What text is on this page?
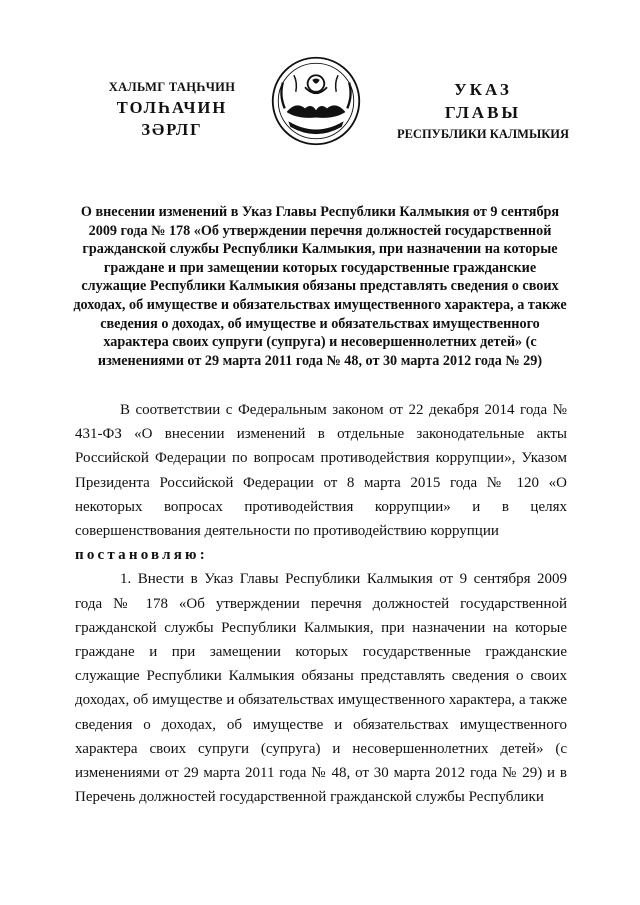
ХАЛЬМГ ТАҢҺЧИН
ТОЛҺАЧИН
ЗӘРЛГ
УКАЗ
ГЛАВЫ
РЕСПУБЛИКИ КАЛМЫКИЯ
О внесении изменений в Указ Главы Республики Калмыкия от 9 сентября 2009 года № 178 «Об утверждении перечня должностей государственной гражданской службы Республики Калмыкия, при назначении на которые граждане и при замещении которых государственные гражданские служащие Республики Калмыкия обязаны представлять сведения о своих доходах, об имуществе и обязательствах имущественного характера, а также сведения о доходах, об имуществе и обязательствах имущественного характера своих супруги (супруга) и несовершеннолетних детей» (с изменениями от 29 марта 2011 года № 48, от 30 марта 2012 года № 29)

В соответствии с Федеральным законом от 22 декабря 2014 года № 431-ФЗ «О внесении изменений в отдельные законодательные акты Российской Федерации по вопросам противодействия коррупции», Указом Президента Российской Федерации от 8 марта 2015 года № 120 «О некоторых вопросах противодействия коррупции» и в целях совершенствования деятельности по противодействию коррупции
постановляю:

1. Внести в Указ Главы Республики Калмыкия от 9 сентября 2009 года № 178 «Об утверждении перечня должностей государственной гражданской службы Республики Калмыкия, при назначении на которые граждане и при замещении которых государственные гражданские служащие Республики Калмыкия обязаны представлять сведения о своих доходах, об имуществе и обязательствах имущественного характера, а также сведения о доходах, об имуществе и обязательствах имущественного характера своих супруги (супруга) и несовершеннолетних детей» (с изменениями от 29 марта 2011 года № 48, от 30 марта 2012 года № 29) и в Перечень должностей государственной гражданской службы Республики
